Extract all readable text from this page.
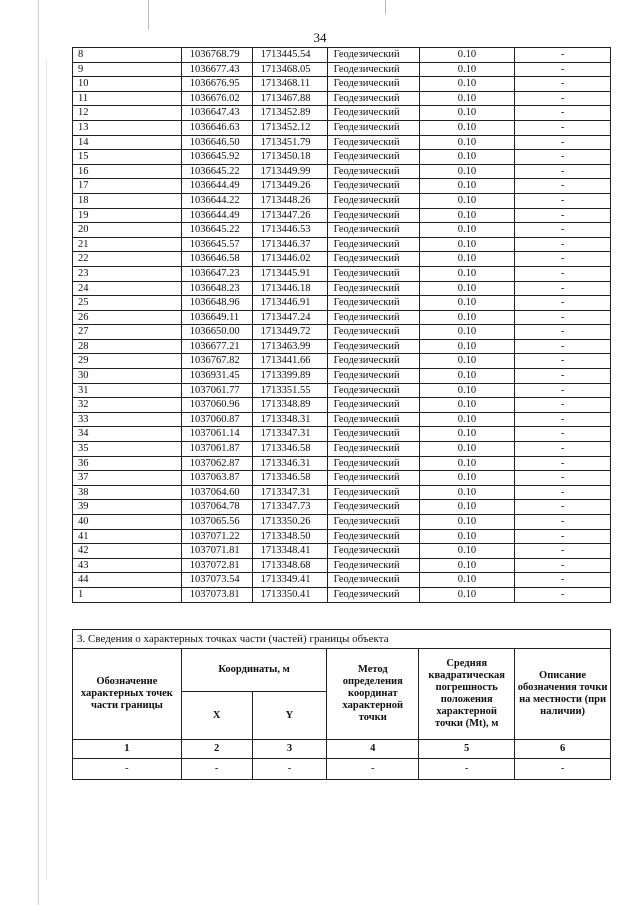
34
8	1036768.79	1713445.54	Геодезический	0.10	-
9	1036677.43	1713468.05	Геодезический	0.10	-
10	1036676.95	1713468.11	Геодезический	0.10	-
11	1036676.02	1713467.88	Геодезический	0.10	-
12	1036647.43	1713452.89	Геодезический	0.10	-
13	1036646.63	1713452.12	Геодезический	0.10	-
14	1036646.50	1713451.79	Геодезический	0.10	-
15	1036645.92	1713450.18	Геодезический	0.10	-
16	1036645.22	1713449.99	Геодезический	0.10	-
17	1036644.49	1713449.26	Геодезический	0.10	-
18	1036644.22	1713448.26	Геодезический	0.10	-
19	1036644.49	1713447.26	Геодезический	0.10	-
20	1036645.22	1713446.53	Геодезический	0.10	-
21	1036645.57	1713446.37	Геодезический	0.10	-
22	1036646.58	1713446.02	Геодезический	0.10	-
23	1036647.23	1713445.91	Геодезический	0.10	-
24	1036648.23	1713446.18	Геодезический	0.10	-
25	1036648.96	1713446.91	Геодезический	0.10	-
26	1036649.11	1713447.24	Геодезический	0.10	-
27	1036650.00	1713449.72	Геодезический	0.10	-
28	1036677.21	1713463.99	Геодезический	0.10	-
29	1036767.82	1713441.66	Геодезический	0.10	-
30	1036931.45	1713399.89	Геодезический	0.10	-
31	1037061.77	1713351.55	Геодезический	0.10	-
32	1037060.96	1713348.89	Геодезический	0.10	-
33	1037060.87	1713348.31	Геодезический	0.10	-
34	1037061.14	1713347.31	Геодезический	0.10	-
35	1037061.87	1713346.58	Геодезический	0.10	-
36	1037062.87	1713346.31	Геодезический	0.10	-
37	1037063.87	1713346.58	Геодезический	0.10	-
38	1037064.60	1713347.31	Геодезический	0.10	-
39	1037064.78	1713347.73	Геодезический	0.10	-
40	1037065.56	1713350.26	Геодезический	0.10	-
41	1037071.22	1713348.50	Геодезический	0.10	-
42	1037071.81	1713348.41	Геодезический	0.10	-
43	1037072.81	1713348.68	Геодезический	0.10	-
44	1037073.54	1713349.41	Геодезический	0.10	-
1	1037073.81	1713350.41	Геодезический	0.10	-
3. Сведения о характерных точках части (частей) границы объекта					
Обозначение характерных точек части границы	Координаты, м		Метод определения координат характерной точки	Средняя квадратическая погрешность положения характерной точки (Мt), м	Описание обозначения точки на местности (при наличии)
	X	Y			
1	2	3	4	5	6
-	-	-	-	-	-
